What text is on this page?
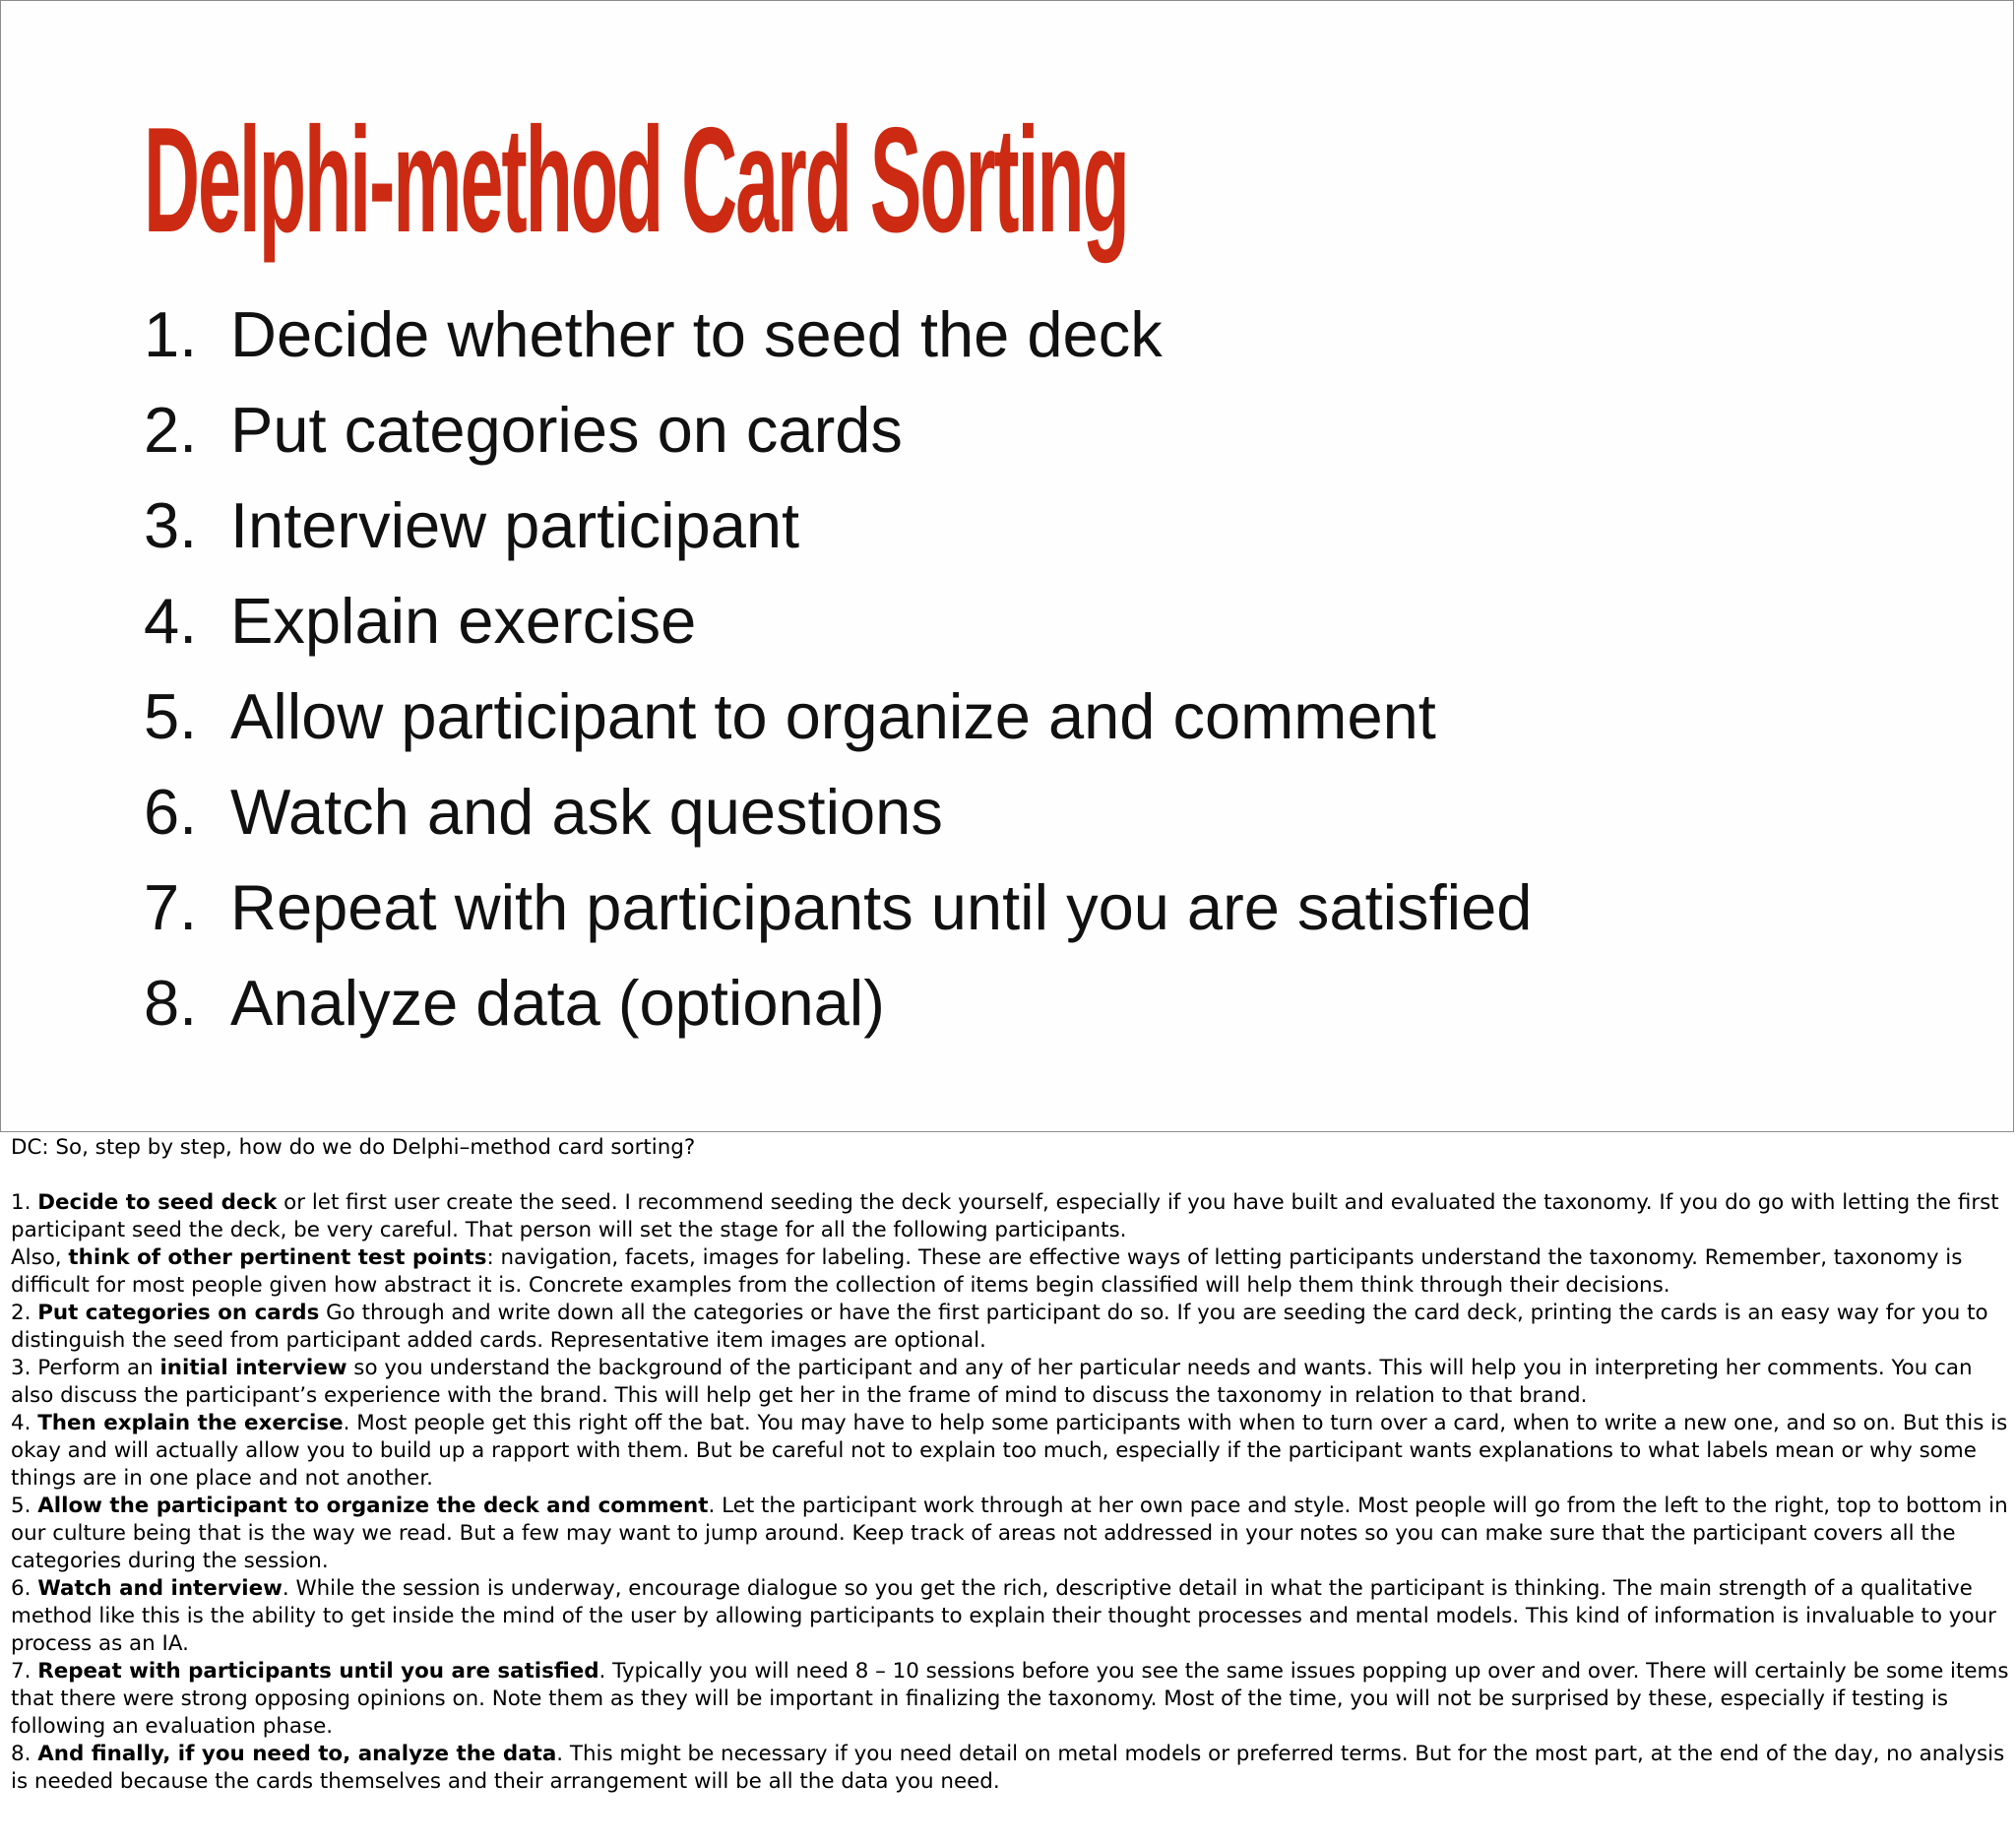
Delphi-method Card Sorting
1. Decide whether to seed the deck
2. Put categories on cards
3. Interview participant
4. Explain exercise
5. Allow participant to organize and comment
6. Watch and ask questions
7. Repeat with participants until you are satisfied
8. Analyze data (optional)

DC: So, step by step, how do we do Delphi–method card sorting?

1. Decide to seed deck or let first user create the seed. I recommend seeding the deck yourself, especially if you have built and evaluated the taxonomy. If you do go with letting the first participant seed the deck, be very careful. That person will set the stage for all the following participants.

Also, think of other pertinent test points: navigation, facets, images for labeling. These are effective ways of letting participants understand the taxonomy. Remember, taxonomy is difficult for most people given how abstract it is. Concrete examples from the collection of items begin classified will help them think through their decisions.

2. Put categories on cards Go through and write down all the categories or have the first participant do so. If you are seeding the card deck, printing the cards is an easy way for you to distinguish the seed from participant added cards. Representative item images are optional.

3. Perform an initial interview so you understand the background of the participant and any of her particular needs and wants. This will help you in interpreting her comments. You can also discuss the participant’s experience with the brand. This will help get her in the frame of mind to discuss the taxonomy in relation to that brand.

4. Then explain the exercise. Most people get this right off the bat. You may have to help some participants with when to turn over a card, when to write a new one, and so on. But this is okay and will actually allow you to build up a rapport with them. But be careful not to explain too much, especially if the participant wants explanations to what labels mean or why some things are in one place and not another.

5. Allow the participant to organize the deck and comment. Let the participant work through at her own pace and style. Most people will go from the left to the right, top to bottom in our culture being that is the way we read. But a few may want to jump around. Keep track of areas not addressed in your notes so you can make sure that the participant covers all the categories during the session.

6. Watch and interview. While the session is underway, encourage dialogue so you get the rich, descriptive detail in what the participant is thinking. The main strength of a qualitative method like this is the ability to get inside the mind of the user by allowing participants to explain their thought processes and mental models. This kind of information is invaluable to your process as an IA.

7. Repeat with participants until you are satisfied. Typically you will need 8 – 10 sessions before you see the same issues popping up over and over. There will certainly be some items that there were strong opposing opinions on. Note them as they will be important in finalizing the taxonomy. Most of the time, you will not be surprised by these, especially if testing is following an evaluation phase.

8. And finally, if you need to, analyze the data. This might be necessary if you need detail on metal models or preferred terms. But for the most part, at the end of the day, no analysis is needed because the cards themselves and their arrangement will be all the data you need.
